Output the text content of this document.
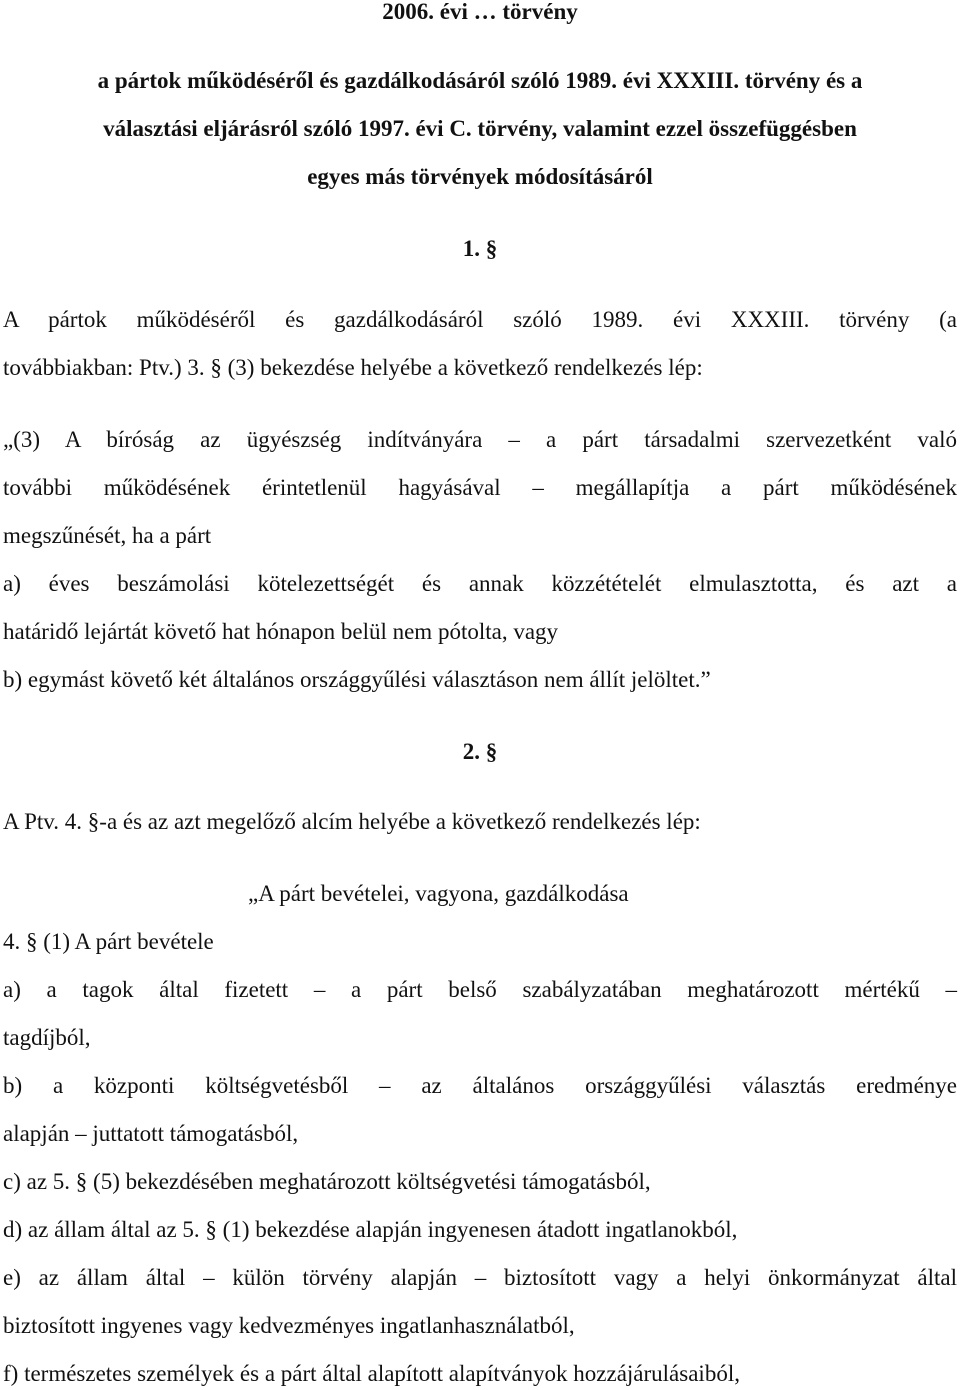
2006. évi … törvény
a pártok működéséről és gazdálkodásáról szóló 1989. évi XXXIII. törvény és a
választási eljárásról szóló 1997. évi C. törvény, valamint ezzel összefüggésben
egyes más törvények módosításáról
1. §
A pártok működéséről és gazdálkodásáról szóló 1989. évi XXXIII. törvény (a
továbbiakban: Ptv.) 3. § (3) bekezdése helyébe a következő rendelkezés lép:
„(3) A bíróság az ügyészség indítványára – a párt társadalmi szervezetként való
további működésének érintetlenül hagyásával – megállapítja a párt működésének
megszűnését, ha a párt
a) éves beszámolási kötelezettségét és annak közzétételét elmulasztotta, és azt a
határidő lejártát követő hat hónapon belül nem pótolta, vagy
b) egymást követő két általános országgyűlési választáson nem állít jelöltet.”
2. §
A Ptv. 4. §-a és az azt megelőző alcím helyébe a következő rendelkezés lép:
„A párt bevételei, vagyona, gazdálkodása
4. § (1) A párt bevétele
a) a tagok által fizetett – a párt belső szabályzatában meghatározott mértékű –
tagdíjból,
b) a központi költségvetésből – az általános országgyűlési választás eredménye
alapján – juttatott támogatásból,
c) az 5. § (5) bekezdésében meghatározott költségvetési támogatásból,
d) az állam által az 5. § (1) bekezdése alapján ingyenesen átadott ingatlanokból,
e) az állam által – külön törvény alapján – biztosított vagy a helyi önkormányzat által
biztosított ingyenes vagy kedvezményes ingatlanhasználatból,
f) természetes személyek és a párt által alapított alapítványok hozzájárulásaiból,
